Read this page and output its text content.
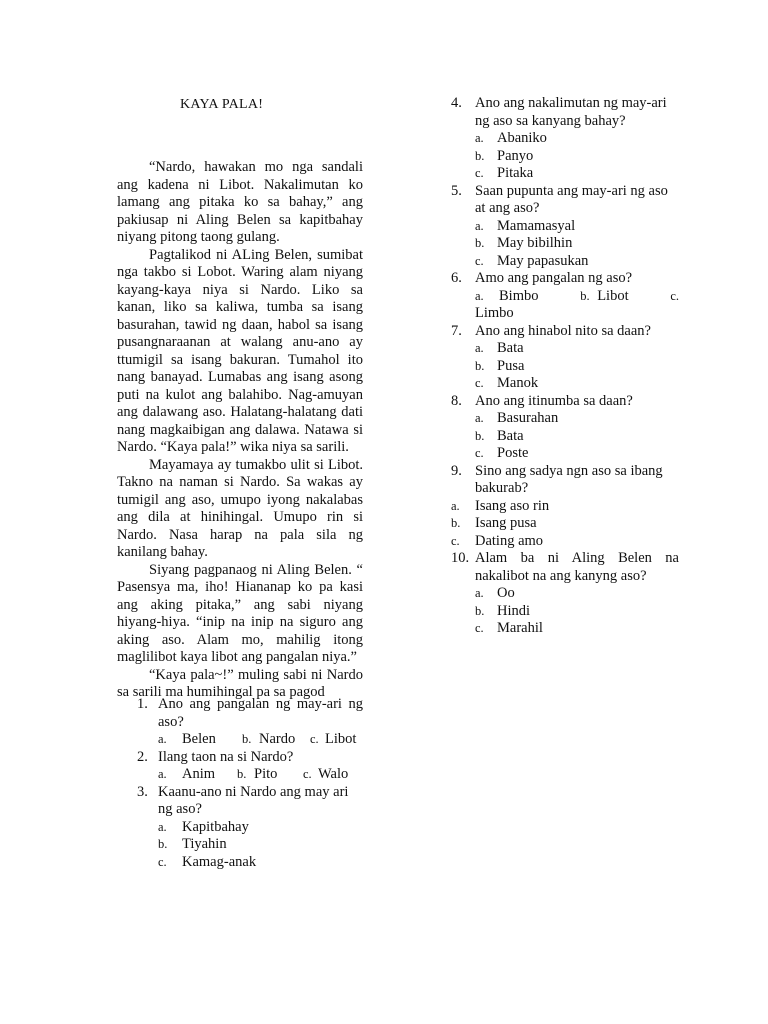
KAYA PALA!

“Nardo, hawakan mo nga sandali ang kadena ni Libot. Nakalimutan ko lamang ang pitaka ko sa bahay,” ang pakiusap ni Aling Belen sa kapitbahay niyang pitong taong gulang.

Pagtalikod ni ALing Belen, sumibat nga takbo si Lobot. Waring alam niyang kayang-kaya niya si Nardo. Liko sa kanan, liko sa kaliwa, tumba sa isang basurahan, tawid ng daan, habol sa isang pusangnaraanan at walang anu-ano ay ttumigil sa isang bakuran. Tumahol ito nang banayad. Lumabas ang isang asong puti na kulot ang balahibo. Nag-amuyan ang dalawang aso. Halatang-halatang dati nang magkaibigan ang dalawa. Natawa si Nardo. “Kaya pala!” wika niya sa sarili.

Mayamaya ay tumakbo ulit si Libot. Takno na naman si Nardo. Sa wakas ay tumigil ang aso, umupo iyong nakalabas ang dila at hinihingal. Umupo rin si Nardo. Nasa harap na pala sila ng kanilang bahay.

Siyang pagpanaog ni Aling Belen. “ Pasensya ma, iho! Hiananap ko pa kasi ang aking pitaka,” ang sabi niyang hiyang-hiya. “inip na inip na siguro ang aking aso. Alam mo, mahilig itong maglilibot kaya libot ang pangalan niya.”

“Kaya pala~!” muling sabi ni Nardo sa sarili ma humihingal pa sa pagod

1. Ano ang pangalan ng may-ari ng aso?
a.	Belen b. Nardo c. Libot
2. Ilang taon na si Nardo?
a.	Anim b. Pito c. Walo
3. Kaanu-ano ni Nardo ang may ari ng aso?
a.	Kapitbahay
b.	Tiyahin
c.	Kamag-anak
4. Ano ang nakalimutan ng may-ari ng aso sa kanyang bahay?
a. Abaniko
b. Panyo
c. Pitaka
5. Saan pupunta ang may-ari ng aso at ang aso?
a. Mamamasyal
b. May bibilhin
c. May papasukan
6. Amo ang pangalan ng aso?
a. Bimbo	b. Libot	c.
Limbo
7. Ano ang hinabol nito sa daan?
a. Bata
b. Pusa
c. Manok
8. Ano ang itinumba sa daan?
a. Basurahan
b. Bata
c. Poste
9. Sino ang sadya ngn aso sa ibang bakurab?
a.	Isang aso rin
b.	Isang pusa
c.	Dating amo
10. Alam ba ni Aling Belen na nakalibot na ang kanyng aso?
a. Oo
b. Hindi
c. Marahil
